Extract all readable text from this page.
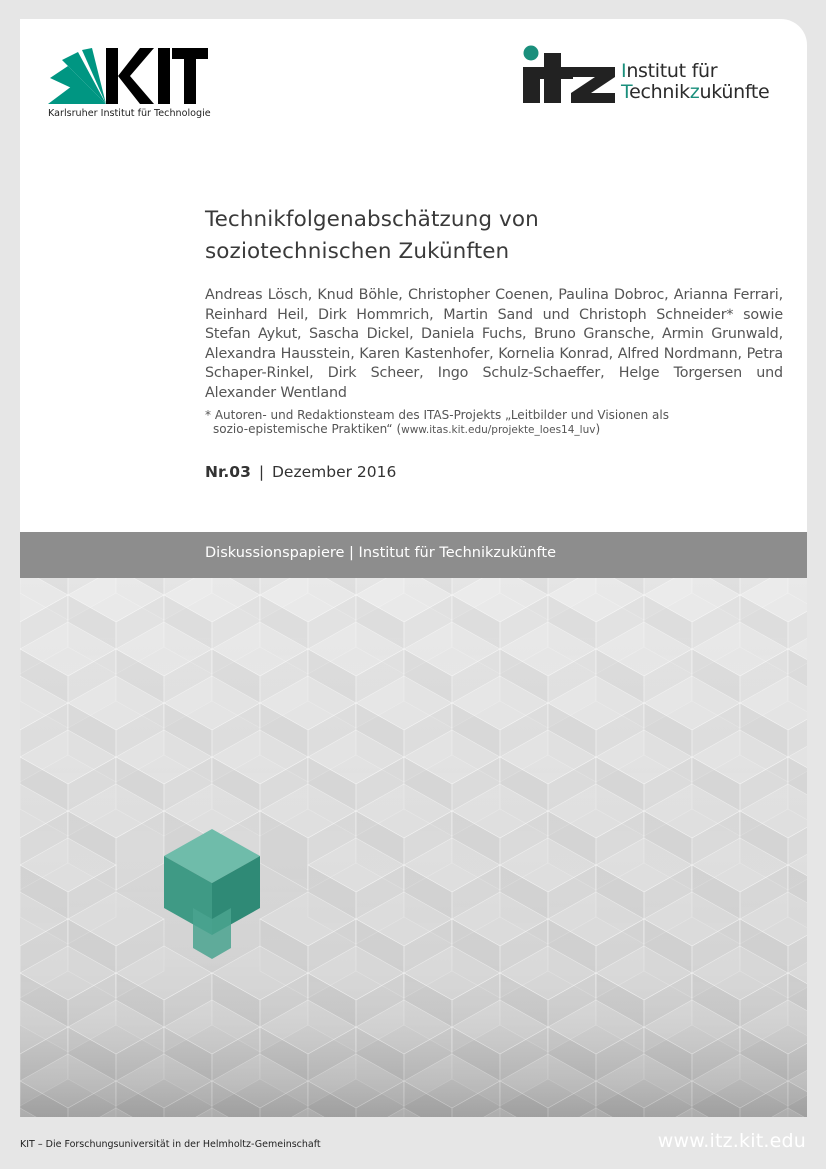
Karlsruher Institut für Technologie
Institut für
Technikzukünfte
Technikfolgenabschätzung von
soziotechnischen Zukünften
Andreas Lösch, Knud Böhle, Christopher Coenen, Paulina Dobroc, Arianna Ferrari, Reinhard Heil, Dirk Hommrich, Martin Sand und Christoph Schneider* sowie Stefan Aykut, Sascha Dickel, Daniela Fuchs, Bruno Gransche, Armin Grunwald, Alexandra Hausstein, Karen Kastenhofer, Kornelia Konrad, Alfred Nordmann, Petra Schaper-Rinkel, Dirk Scheer, Ingo Schulz-Schaeffer, Helge Torgersen und Alexander Wentland
* Autoren- und Redaktionsteam des ITAS-Projekts „Leitbilder und Visionen als
sozio-epistemische Praktiken“ (www.itas.kit.edu/projekte_loes14_luv)
Nr.03 | Dezember 2016
Diskussionspapiere | Institut für Technikzukünfte
KIT – Die Forschungsuniversität in der Helmholtz-Gemeinschaft	www.itz.kit.edu
